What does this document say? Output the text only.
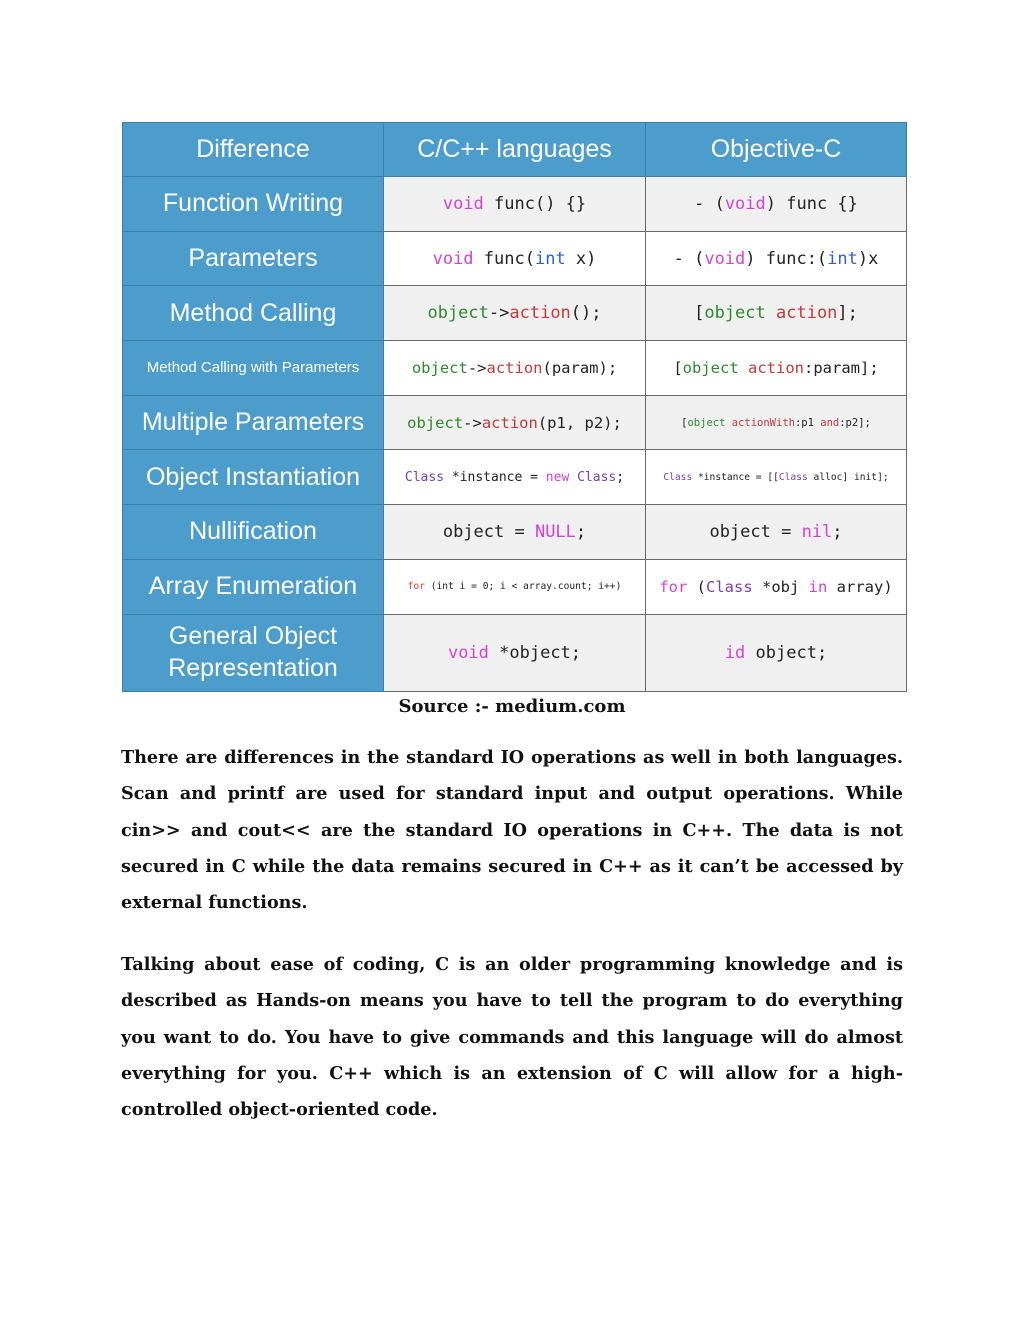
Difference	C/C++ languages	Objective-C
Function Writing	void func() {}	- (void) func {}
Parameters	void func(int x)	- (void) func:(int)x
Method Calling	object->action();	[object action];
Method Calling with Parameters	object->action(param);	[object action:param];
Multiple Parameters	object->action(p1, p2);	[object actionWith:p1 and:p2];
Object Instantiation	Class *instance = new Class;	Class *instance = [[Class alloc] init];
Nullification	object = NULL;	object = nil;
Array Enumeration	for (int i = 0; i < array.count; i++)	for (Class *obj in array)
General Object Representation	void *object;	id object;

Source :- medium.com

There are differences in the standard IO operations as well in both languages. Scan and printf are used for standard input and output operations. While cin>> and cout<< are the standard IO operations in C++. The data is not secured in C while the data remains secured in C++ as it can’t be accessed by external functions.

Talking about ease of coding, C is an older programming knowledge and is described as Hands-on means you have to tell the program to do everything you want to do. You have to give commands and this language will do almost everything for you. C++ which is an extension of C will allow for a high-controlled object-oriented code.
